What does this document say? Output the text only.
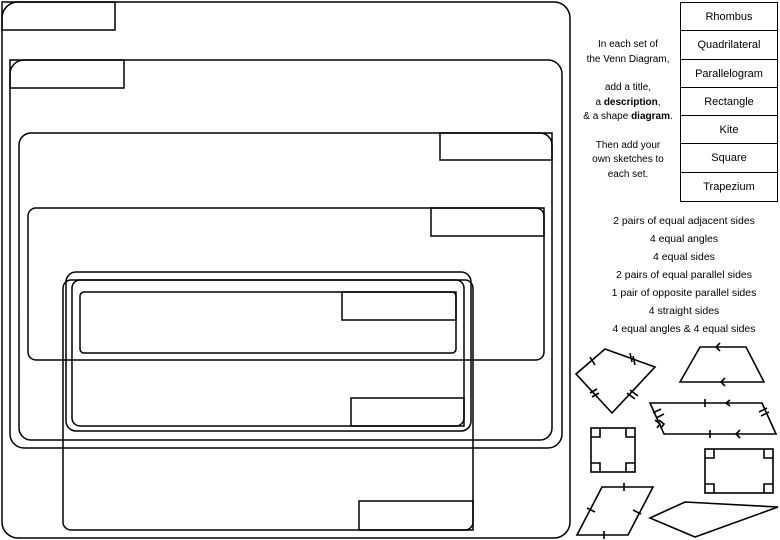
In each set of
the Venn Diagram,

add a title,
a description,
& a shape diagram.

Then add your
own sketches to
each set.

Rhombus
Quadrilateral
Parallelogram
Rectangle
Kite
Square
Trapezium
2 pairs of equal adjacent sides
4 equal angles
4 equal sides
2 pairs of equal parallel sides
1 pair of opposite parallel sides
4 straight sides
4 equal angles & 4 equal sides
